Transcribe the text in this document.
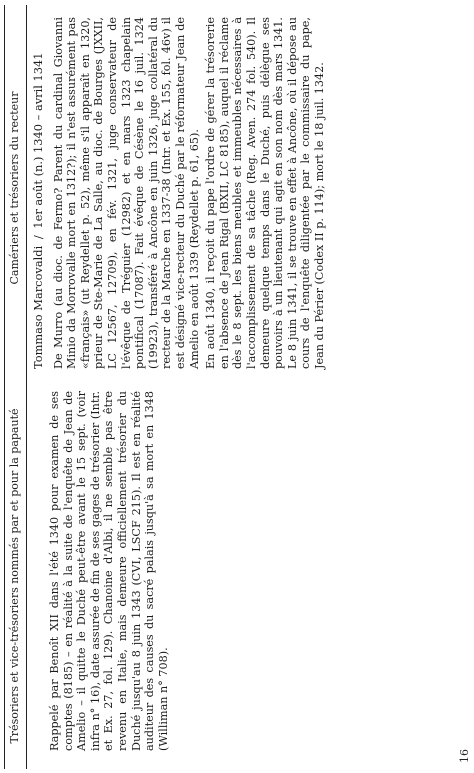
Trésoriers et vice-trésoriers nommés par et pour la papauté
Camériers et trésoriers du recteur

Rappelé par Benoît XII dans l'été 1340 pour examen de ses comptes (8185) – en réalité à la suite de l'enquête de Jean de Amelio – il quitte le Duché peut-être avant le 15 sept. (voir infra n° 16), date assurée de fin de ses gages de trésorier (Intr. et Ex. 27, fol. 129). Chanoine d'Albi, il ne semble pas être revenu en Italie, mais demeure officiellement trésorier du Duché jusqu'au 8 juin 1343 (CVI, LSCF 215). Il est en réalité auditeur des causes du sacré palais jusqu'à sa mort en 1348 (Williman n° 708).

Tommaso Marcovaldi / 1er août (n.) 1340 – avril 1341 De Murro (au dioc. de Fermo? Parent du cardinal Giovanni Minio da Morrovalle mort en 1312?); il n'est assurément pas «français» (ut Reydellet p. 52), même s'il apparaît en 1320, prieur de Ste-Marie de La Salle, au dioc. de Bourges (JXXII, LC 12567, 12709), en fév. 1321, juge conservateur de l'évêque de Tréguier (12982) et en mars 1323 chapelain pontifical (17087). Fait évêque de Césène le 16 juil. 1324 (19923), transféré à Ancône en juin 1326, juge collatéral du recteur de la Marche en 1337-38 (Intr. et Ex. 155, fol. 46v) il est désigné vice-recteur du Duché par le réformateur Jean de Amelio en août 1339 (Reydellet p. 61, 65). En août 1340, il reçoit du pape l'ordre de gérer la trésorerie en l'absence de Jean Rigal (BXII, LC 8185), auquel il réclame dès le 8 sept. les biens meubles et immeubles nécessaires à l'accomplissement de sa tâche (Reg. Aven. 274 fol. 540). Il demeure quelque temps dans le Duché, puis délègue ses pouvoirs à un lieutenant qui agit en son nom dès mars 1341. Le 8 juin 1341, il se trouve en effet à Ancône, où il dépose au cours de l'enquête diligentée par le commissaire du pape, Jean du Périer (Codex II p. 114); mort le 18 juil. 1342.

16
